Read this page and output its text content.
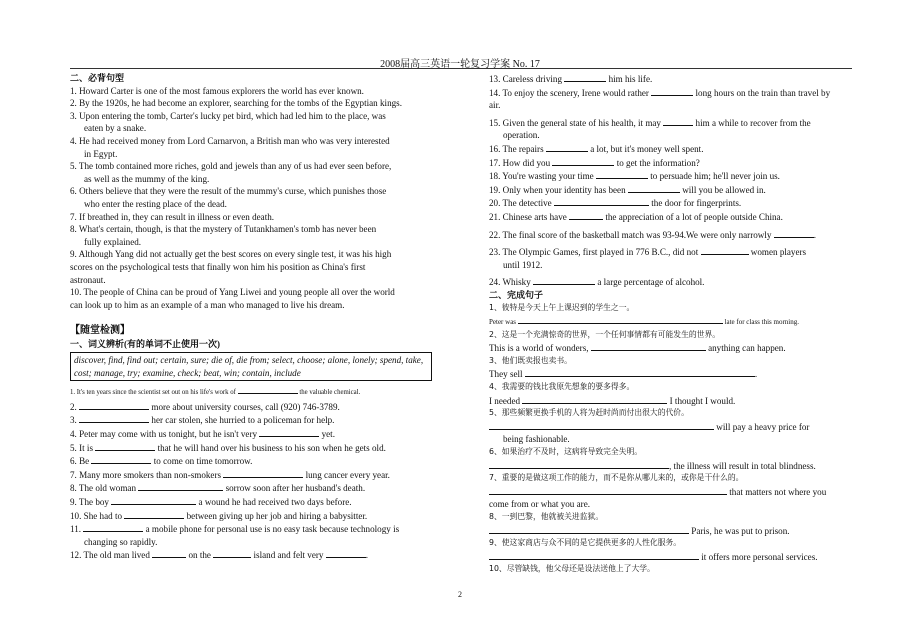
2008届高三英语一轮复习学案 No. 17
二、必背句型
1. Howard Carter is one of the most famous explorers the world has ever known.
2. By the 1920s, he had become an explorer, searching for the tombs of the Egyptian kings.
3. Upon entering the tomb, Carter's lucky pet bird, which had led him to the place, was
eaten by a snake.
4. He had received money from Lord Carnarvon, a British man who was very interested
in Egypt.
5. The tomb contained more riches, gold and jewels than any of us had ever seen before,
as well as the mummy of the king.
6. Others believe that they were the result of the mummy's curse, which punishes those
who enter the resting place of the dead.
7. If breathed in, they can result in illness or even death.
8. What's certain, though, is that the mystery of Tutankhamen's tomb has never been
fully explained.
9. Although Yang did not actually get the best scores on every single test, it was his high
scores on the psychological tests that finally won him his position as China's first
astronaut.
10. The people of China can be proud of Yang Liwei and young people all over the world
can look up to him as an example of a man who managed to live his dream.
【随堂检测】
一、词义辨析(有的单词不止使用一次)
discover, find, find out; certain, sure; die of, die from; select, choose; alone, lonely; spend, take, cost; manage, try; examine, check; beat, win; contain, include
1. It's ten years since the scientist set out on his life's work of	the valuable chemical.
2.	more about university courses, call (920) 746-3789.
3.	her car stolen, she hurried to a policeman for help.
4. Peter may come with us tonight, but he isn't very	yet.
5. It is	that he will hand over his business to his son when he gets old.
6. Be	to come on time tomorrow.
7. Many more smokers than non-smokers	lung cancer every year.
8. The old woman	sorrow soon after her husband's death.
9. The boy	a wound he had received two days before.
10. She had to	between giving up her job and hiring a babysitter.
11.	a mobile phone for personal use is no easy task because technology is
changing so rapidly.
12. The old man lived	on the	island and felt very	.
13. Careless driving	him his life.
14. To enjoy the scenery, Irene would rather	long hours on the train than travel by
air.
15. Given the general state of his health, it may	him a while to recover from the
operation.
16. The repairs	a lot, but it's money well spent.
17. How did you	to get the information?
18. You're wasting your time	to persuade him; he'll never join us.
19. Only when your identity has been	will you be allowed in.
20. The detective	the door for fingerprints.
21. Chinese arts have	the appreciation of a lot of people outside China.
22. The final score of the basketball match was 93-94.We were only narrowly	.
23. The Olympic Games, first played in 776 B.C., did not	women players
until 1912.
24. Whisky	a large percentage of alcohol.
二、完成句子
1、彼特是今天上午上课迟到的学生之一。
Peter was	late for class this morning.
2、这是一个充满惊奇的世界，一个任何事情都有可能发生的世界。
This is a world of wonders,	anything can happen.
3、他们既卖报也卖书。
They sell	.
4、我需要的钱比我原先想象的要多得多。
I needed	I thought I would.
5、那些频繁更换手机的人将为赶时尚而付出很大的代价。
will pay a heavy price for
being fashionable.
6、如果治疗不及时，这病将导致完全失明。
, the illness will result in total blindness.
7、重要的是做这项工作的能力，而不是你从哪儿来的，或你是干什么的。
that matters not where you
come from or what you are.
8、一到巴黎，他就被关进监狱。
Paris, he was put to prison.
9、使这家商店与众不同的是它提供更多的人性化服务。
it offers more personal services.
10、尽管缺钱，他父母还是设法送他上了大学。
2
